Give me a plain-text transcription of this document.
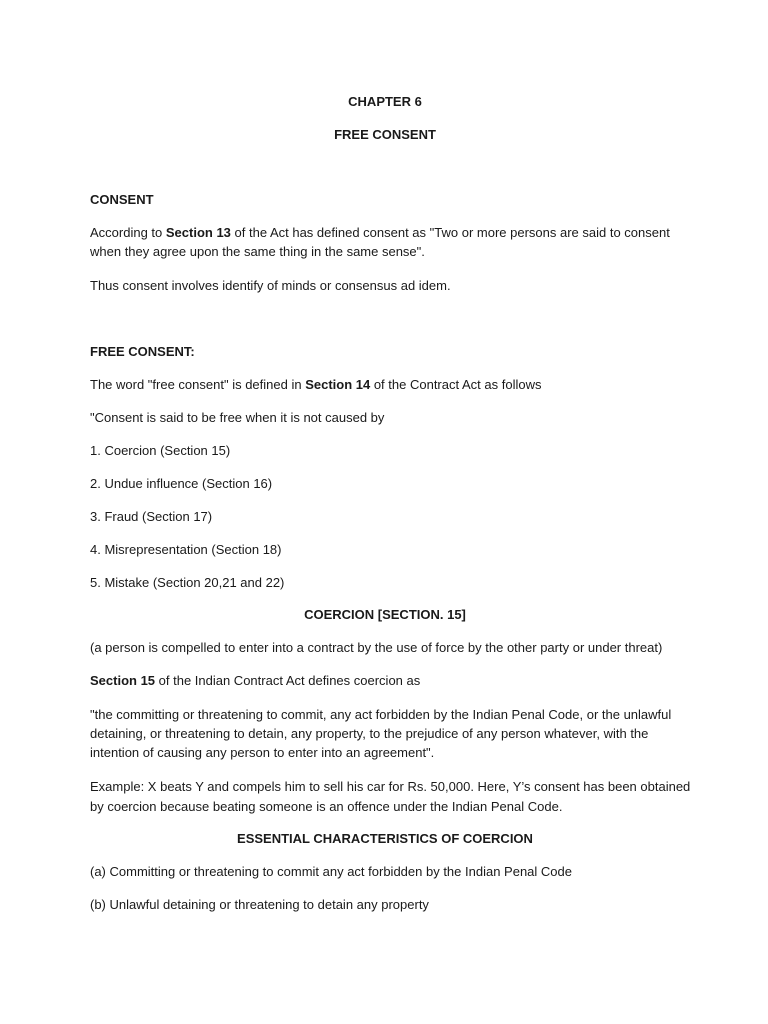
CHAPTER 6
FREE CONSENT
CONSENT
According to Section 13 of the Act has defined consent as "Two or more persons are said to consent
when they agree upon the same thing in the same sense".
Thus consent involves identify of minds or consensus ad idem.
FREE CONSENT:
The word "free consent" is defined in Section 14 of the Contract Act as follows
"Consent is said to be free when it is not caused by
1. Coercion (Section 15)
2. Undue influence (Section 16)
3. Fraud (Section 17)
4. Misrepresentation (Section 18)
5. Mistake (Section 20,21 and 22)
COERCION [SECTION. 15]
(a person is compelled to enter into a contract by the use of force by the other party or under threat)
Section 15 of the Indian Contract Act defines coercion as
"the committing or threatening to commit, any act forbidden by the Indian Penal Code, or the unlawful
detaining, or threatening to detain, any property, to the prejudice of any person whatever, with the
intention of causing any person to enter into an agreement".
Example: X beats Y and compels him to sell his car for Rs. 50,000. Here, Y’s consent has been obtained
by coercion because beating someone is an offence under the Indian Penal Code.
ESSENTIAL CHARACTERISTICS OF COERCION
(a) Committing or threatening to commit any act forbidden by the Indian Penal Code
(b) Unlawful detaining or threatening to detain any property
